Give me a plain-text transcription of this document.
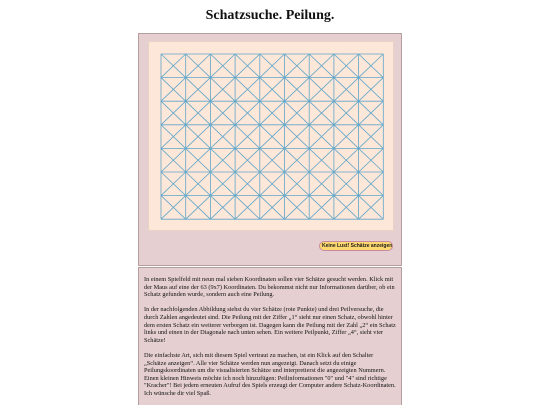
Schatzsuche. Peilung.
Keine Lust! Schätze anzeigen

In einem Spielfeld mit neun mal sieben Koordinaten sollen vier Schätze gesucht werden. Klick mit der Maus auf eine der 63 (9x7) Koordinaten. Du bekommst nicht nur Informationen darüber, ob ein Schatz gefunden wurde, sondern auch eine Peilung.

In der nachfolgenden Abbildung siehst du vier Schätze (rote Punkte) und drei Peilversuche, die durch Zahlen angedeutet sind. Die Peilung mit der Ziffer „1“ sieht nur einen Schatz, obwohl hinter dem ersten Schatz ein weiterer verborgen ist. Dagegen kann die Peilung mit der Zahl „2“ ein Schatz links und einen in der Diagonale nach unten sehen. Ein weitere Peilpunkt, Ziffer „4“, sieht vier Schätze!

Die einfachste Art, sich mit diesem Spiel vertraut zu machen, ist ein Klick auf den Schalter „Schätze anzeigen“. Alle vier Schätze werden nun angezeigt. Danach setzt du einige Peilungskoordinaten um die visualisierten Schätze und interpretierst die angezeigten Nummern. Einen kleinen Hinweis möchte ich noch hinzufügen: Peilinformationen "0" und "4" sind richtige "Kracher"! Bei jedem erneuten Aufruf des Spiels erzeugt der Computer andere Schatz-Koordinaten. Ich wünsche dir viel Spaß.
